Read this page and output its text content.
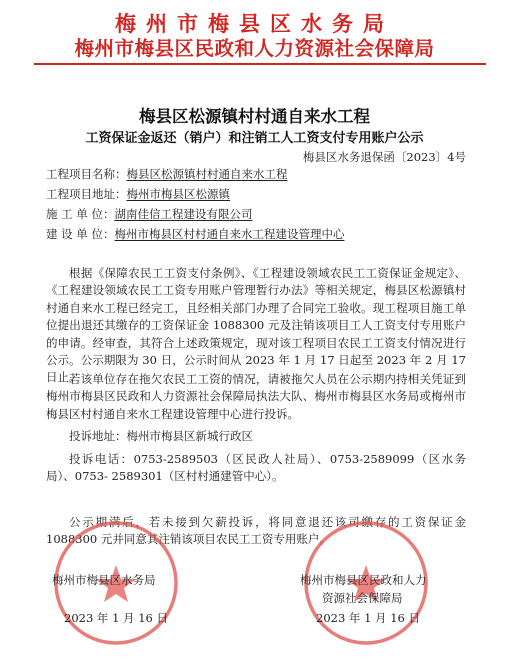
梅州市梅县区水务局
梅州市梅县区民政和人力资源社会保障局
梅县区松源镇村村通自来水工程
工资保证金返还（销户）和注销工人工资支付专用账户公示
梅县区水务退保函〔2023〕4号
工程项目名称：梅县区松源镇村村通自来水工程
工程项目地址：梅州市梅县区松源镇
施 工 单 位：湖南佳信工程建设有限公司
建 设 单 位：梅州市梅县区村村通自来水工程建设管理中心

根据《保障农民工工资支付条例》、《工程建设领域农民工工资保证金规定》、《工程建设领域农民工工资专用账户管理暂行办法》等相关规定，梅县区松源镇村村通自来水工程已经完工，且经相关部门办理了合同完工验收。现工程项目施工单位提出退还其缴存的工资保证金 1088300 元及注销该项目工人工资支付专用账户的申请。经审查，其符合上述政策规定，现对该工程项目农民工工资支付情况进行公示。公示期限为 30 日，公示时间从 2023 年 1 月 17 日起至 2023 年 2 月 17 日止。

若该单位存在拖欠农民工工资的情况，请被拖欠人员在公示期内持相关凭证到梅州市梅县区民政和人力资源社会保障局执法大队、梅州市梅县区水务局或梅州市梅县区村村通自来水工程建设管理中心进行投诉。

投诉地址：梅州市梅县区新城行政区

投诉电话：0753-2589503（区民政人社局）、0753-2589099（区水务局）、0753- 2589301（区村村通建管中心）。

公示期满后，若未接到欠薪投诉，将同意退还该司缴存的工资保证金 1088300 元并同意其注销该项目农民工工资专用账户。

梅州市梅县区水务局
2023 年 1 月 16 日
梅州市梅县区民政和人力
资源社会保障局
2023 年 1 月 16 日
